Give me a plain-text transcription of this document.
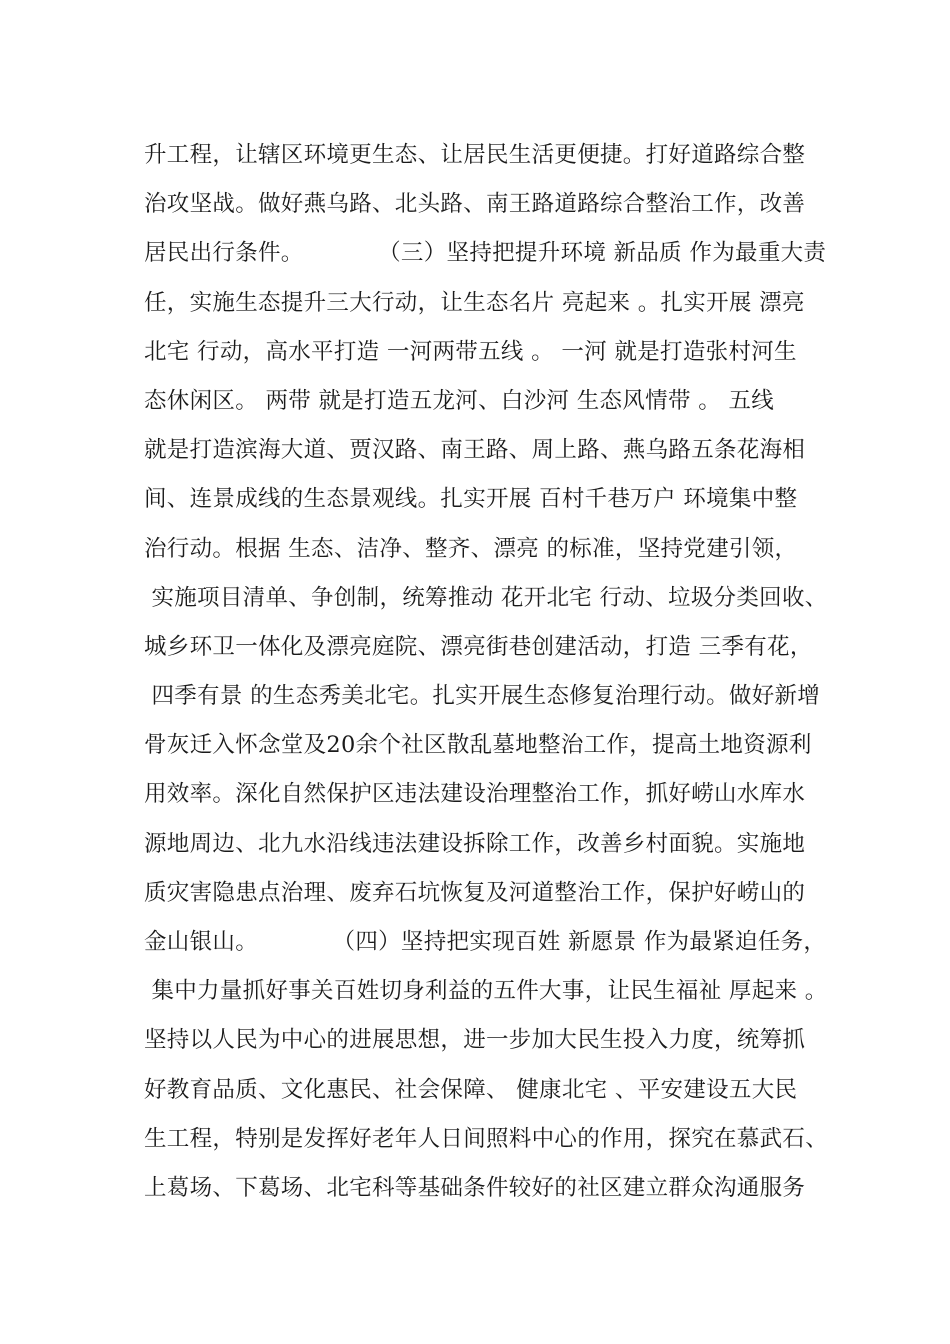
升工程，让辖区环境更生态、让居民生活更便捷。打好道路综合整
治攻坚战。做好燕乌路、北头路、南王路道路综合整治工作，改善
居民出行条件。          （三）坚持把提升环境 新品质 作为最重大责
任，实施生态提升三大行动，让生态名片 亮起来 。扎实开展 漂亮
北宅 行动，高水平打造 一河两带五线 。 一河 就是打造张村河生
态休闲区。 两带 就是打造五龙河、白沙河 生态风情带 。 五线
就是打造滨海大道、贾汉路、南王路、周上路、燕乌路五条花海相
间、连景成线的生态景观线。扎实开展 百村千巷万户 环境集中整
治行动。根据 生态、洁净、整齐、漂亮 的标准，坚持党建引领，
实施项目清单、争创制，统筹推动 花开北宅 行动、垃圾分类回收、
城乡环卫一体化及漂亮庭院、漂亮街巷创建活动，打造 三季有花，
四季有景 的生态秀美北宅。扎实开展生态修复治理行动。做好新增
骨灰迁入怀念堂及20余个社区散乱墓地整治工作，提高土地资源利
用效率。深化自然保护区违法建设治理整治工作，抓好崂山水库水
源地周边、北九水沿线违法建设拆除工作，改善乡村面貌。实施地
质灾害隐患点治理、废弃石坑恢复及河道整治工作，保护好崂山的
金山银山。          （四）坚持把实现百姓 新愿景 作为最紧迫任务，
集中力量抓好事关百姓切身利益的五件大事，让民生福祉 厚起来 。
坚持以人民为中心的进展思想，进一步加大民生投入力度，统筹抓
好教育品质、文化惠民、社会保障、 健康北宅 、平安建设五大民
生工程，特别是发挥好老年人日间照料中心的作用，探究在慕武石、
上葛场、下葛场、北宅科等基础条件较好的社区建立群众沟通服务
